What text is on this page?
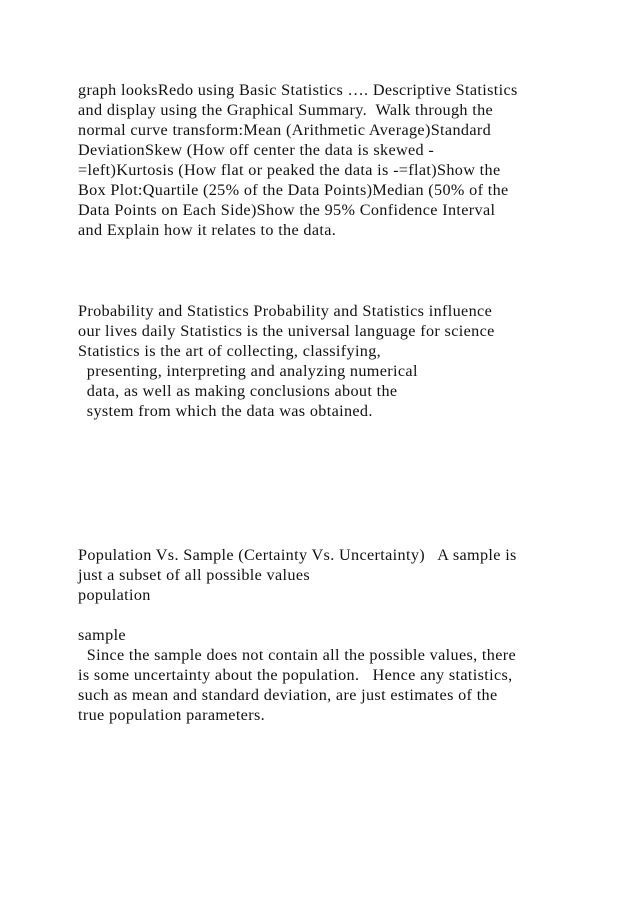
graph looksRedo using Basic Statistics …. Descriptive Statistics

and display using the Graphical Summary.  Walk through the

normal curve transform:Mean (Arithmetic Average)Standard

DeviationSkew (How off center the data is skewed -

=left)Kurtosis (How flat or peaked the data is -=flat)Show the

Box Plot:Quartile (25% of the Data Points)Median (50% of the

Data Points on Each Side)Show the 95% Confidence Interval

and Explain how it relates to the data.

Probability and Statistics Probability and Statistics influence

our lives daily Statistics is the universal language for science

Statistics is the art of collecting, classifying,

presenting, interpreting and analyzing numerical

data, as well as making conclusions about the

system from which the data was obtained.

Population Vs. Sample (Certainty Vs. Uncertainty)   A sample is

just a subset of all possible values

population

sample

Since the sample does not contain all the possible values, there

is some uncertainty about the population.   Hence any statistics,

such as mean and standard deviation, are just estimates of the

true population parameters.
